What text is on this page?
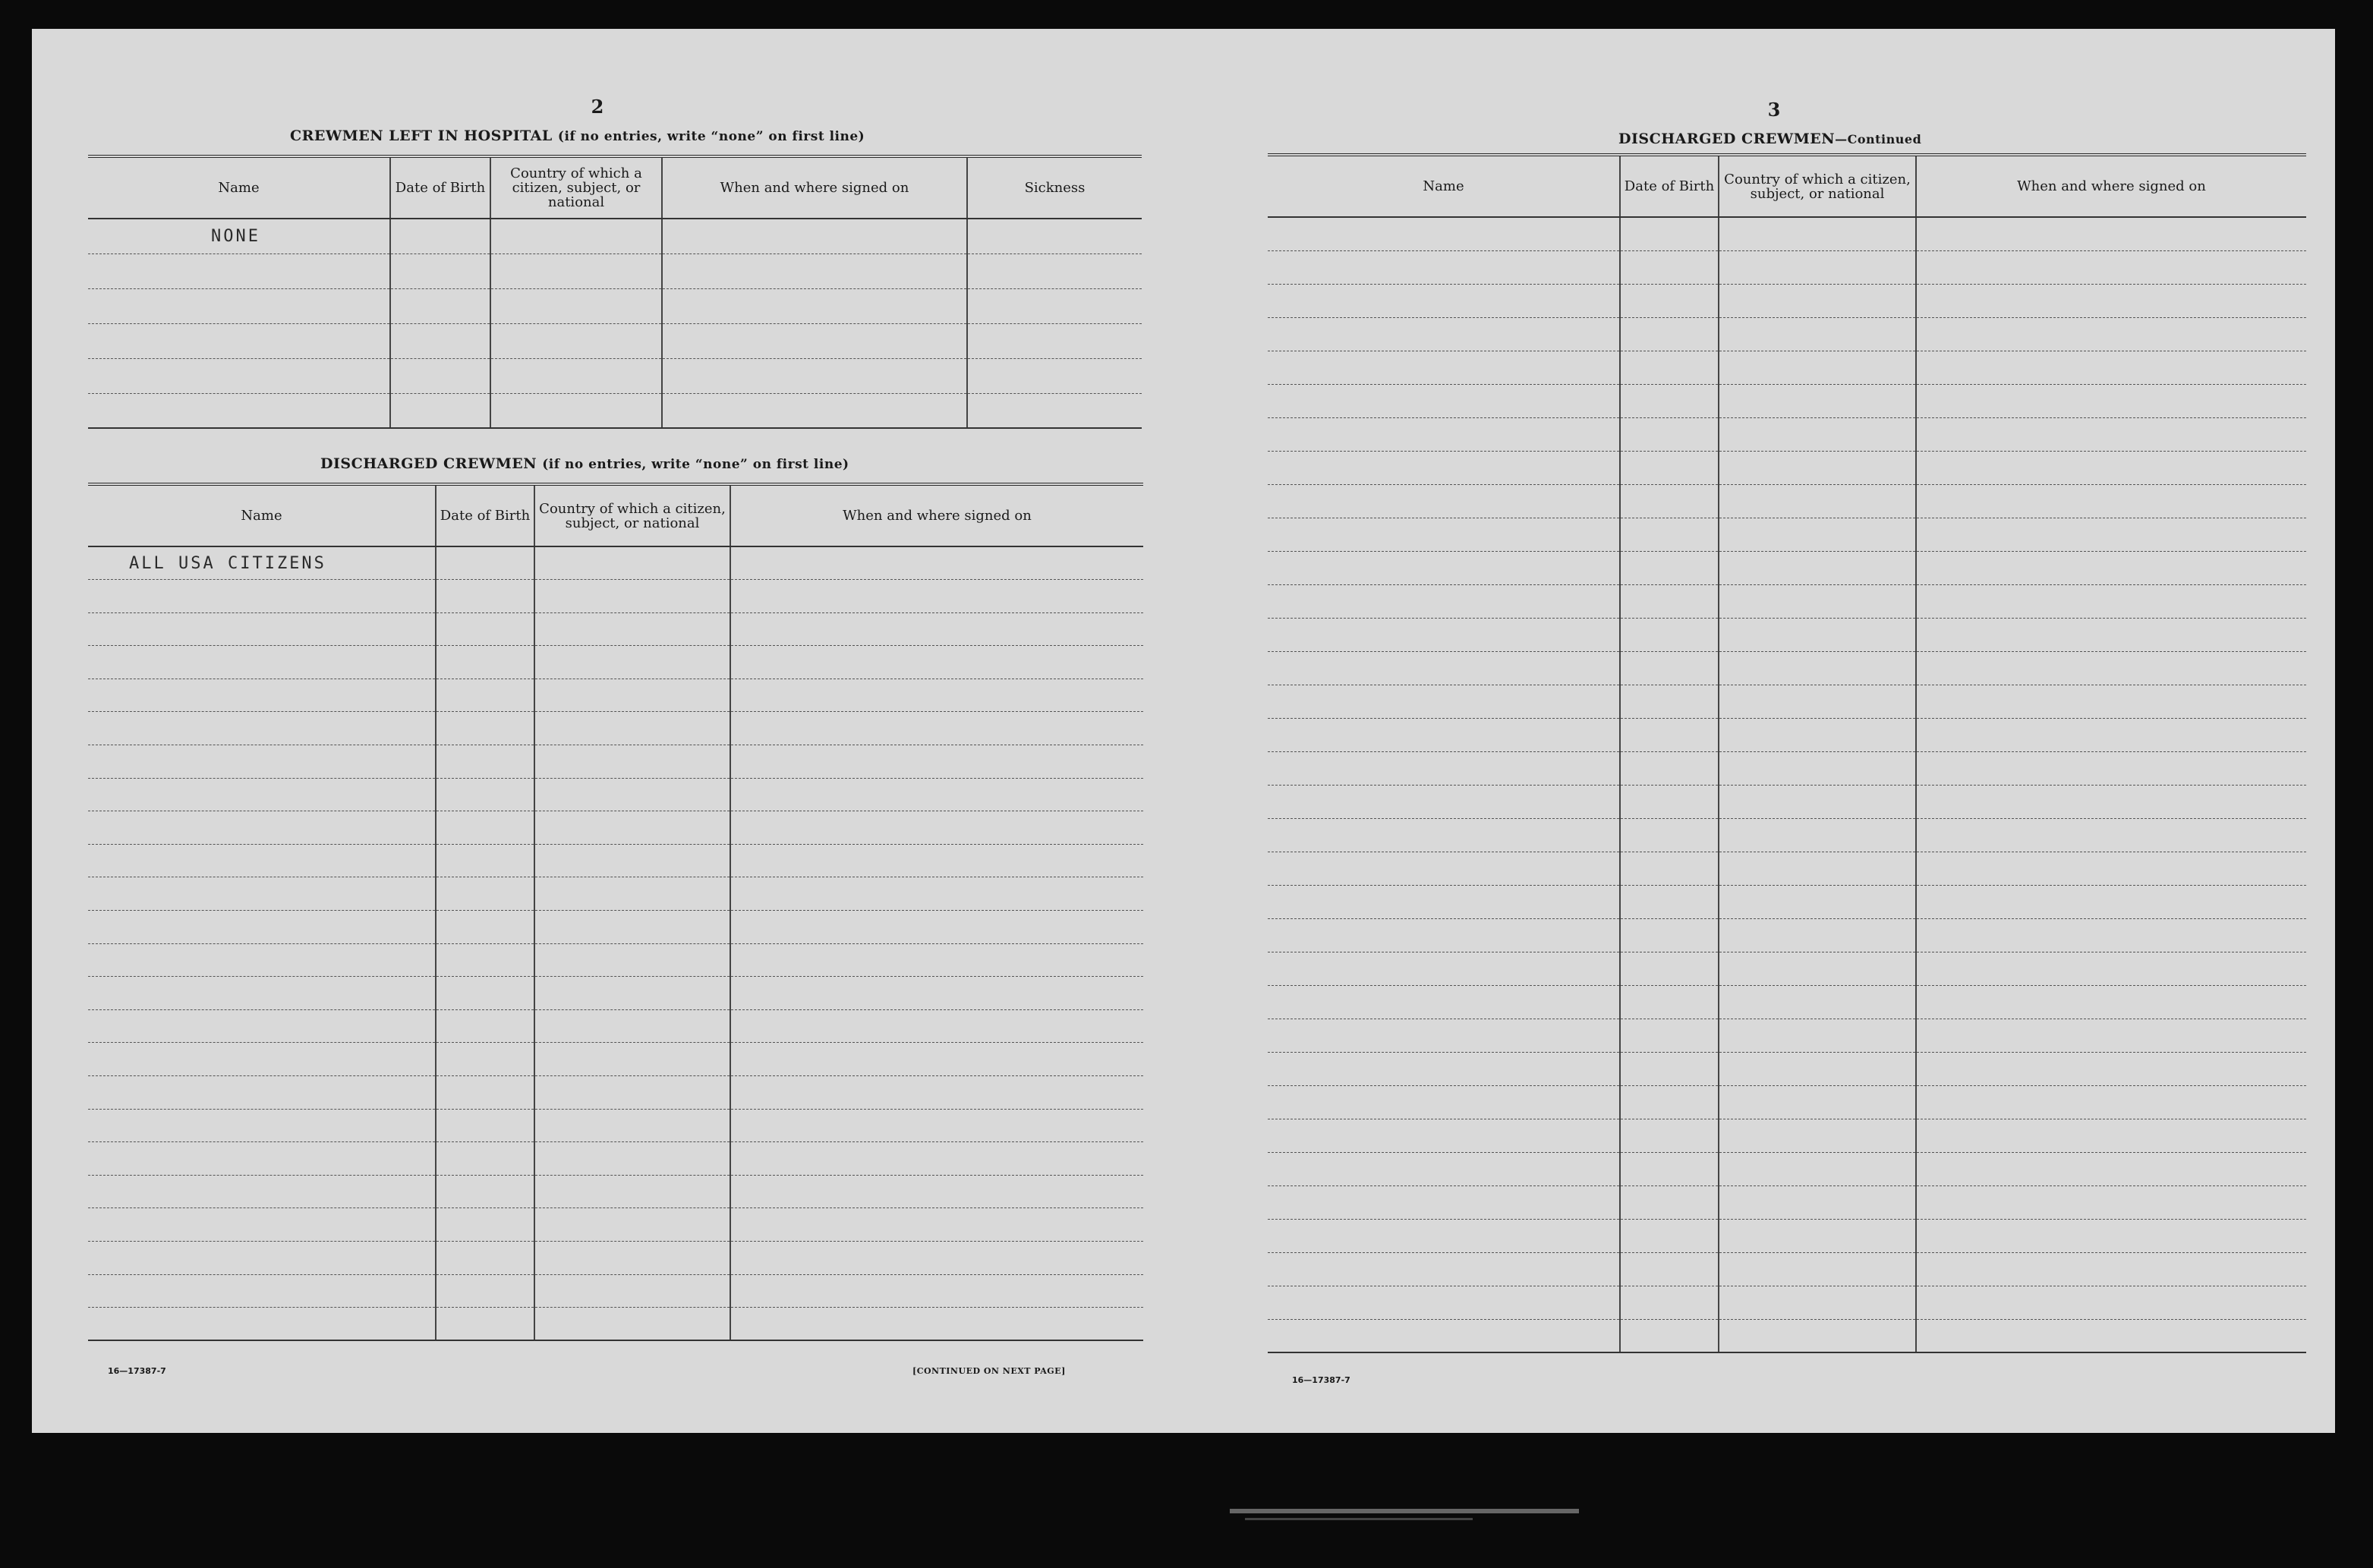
2
CREWMEN LEFT IN HOSPITAL (if no entries, write “none” on first line)
Name	Date of Birth	Country of which a citizen, subject, or national	When and where signed on	Sickness
NONE				

DISCHARGED CREWMEN (if no entries, write “none” on first line)
Name	Date of Birth	Country of which a citizen, subject, or national	When and where signed on
ALL USA CITIZENS			

16—17387-7	[CONTINUED ON NEXT PAGE]
3
DISCHARGED CREWMEN—Continued
Name	Date of Birth	Country of which a citizen, subject, or national	When and where signed on

16—17387-7
